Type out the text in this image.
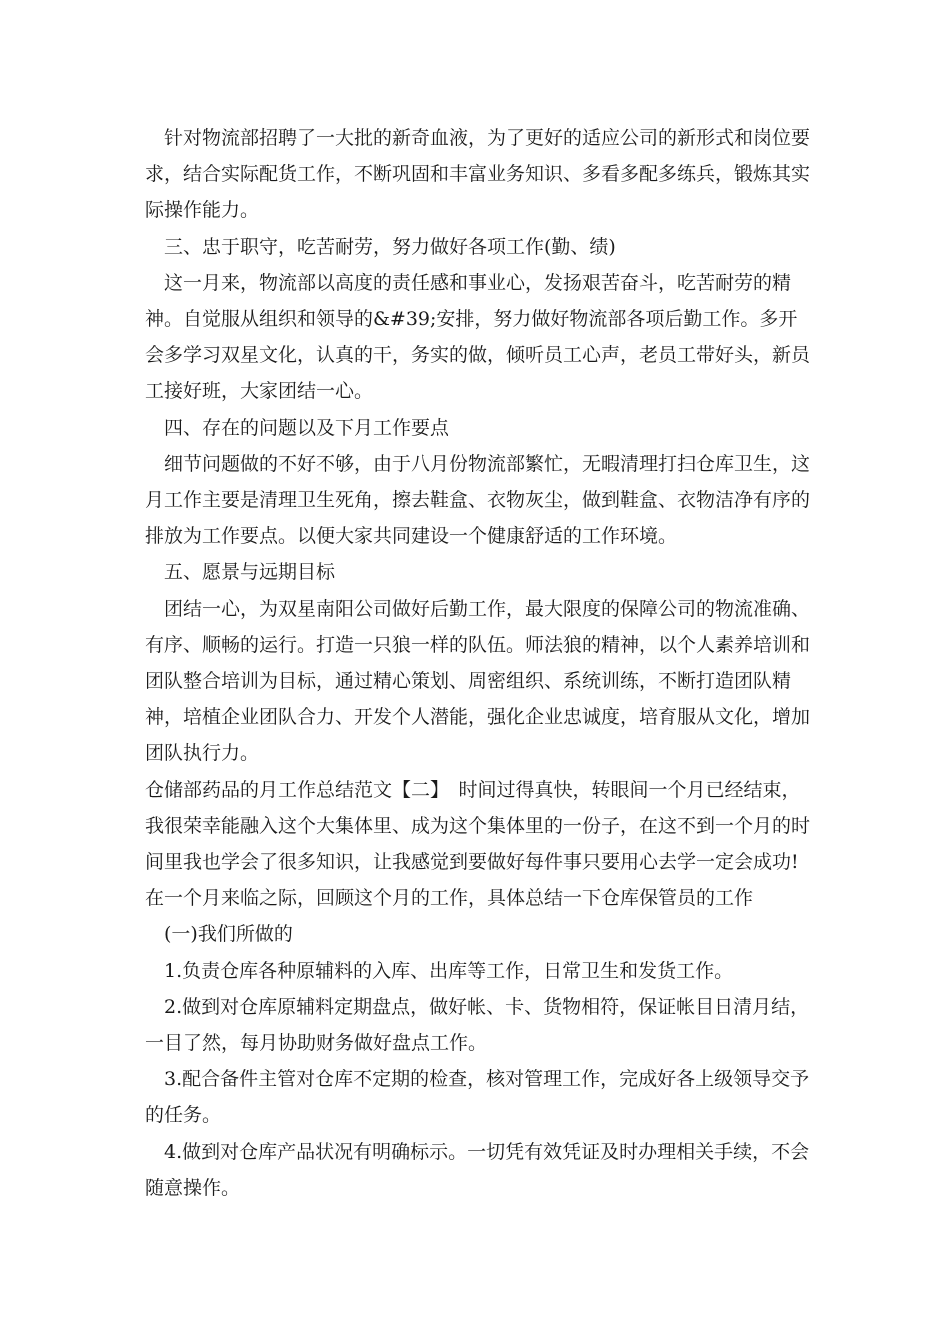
针对物流部招聘了一大批的新奇血液，为了更好的适应公司的新形式和岗位要求，结合实际配货工作，不断巩固和丰富业务知识、多看多配多练兵，锻炼其实际操作能力。

三、忠于职守，吃苦耐劳，努力做好各项工作(勤、绩)

这一月来，物流部以高度的责任感和事业心，发扬艰苦奋斗，吃苦耐劳的精神。自觉服从组织和领导的&#39;安排，努力做好物流部各项后勤工作。多开会多学习双星文化，认真的干，务实的做，倾听员工心声，老员工带好头，新员工接好班，大家团结一心。

四、存在的问题以及下月工作要点

细节问题做的不好不够，由于八月份物流部繁忙，无暇清理打扫仓库卫生，这月工作主要是清理卫生死角，擦去鞋盒、衣物灰尘，做到鞋盒、衣物洁净有序的排放为工作要点。以便大家共同建设一个健康舒适的工作环境。

五、愿景与远期目标

团结一心，为双星南阳公司做好后勤工作，最大限度的保障公司的物流准确、有序、顺畅的运行。打造一只狼一样的队伍。师法狼的精神，以个人素养培训和团队整合培训为目标，通过精心策划、周密组织、系统训练，不断打造团队精神，培植企业团队合力、开发个人潜能，强化企业忠诚度，培育服从文化，增加团队执行力。

仓储部药品的月工作总结范文【二】　时间过得真快，转眼间一个月已经结束，我很荣幸能融入这个大集体里、成为这个集体里的一份子，在这不到一个月的时间里我也学会了很多知识，让我感觉到要做好每件事只要用心去学一定会成功!在一个月来临之际，回顾这个月的工作，具体总结一下仓库保管员的工作

(一)我们所做的

1.负责仓库各种原辅料的入库、出库等工作，日常卫生和发货工作。

2.做到对仓库原辅料定期盘点，做好帐、卡、货物相符，保证帐目日清月结，一目了然，每月协助财务做好盘点工作。

3.配合备件主管对仓库不定期的检查，核对管理工作，完成好各上级领导交予的任务。

4.做到对仓库产品状况有明确标示。一切凭有效凭证及时办理相关手续，不会随意操作。
